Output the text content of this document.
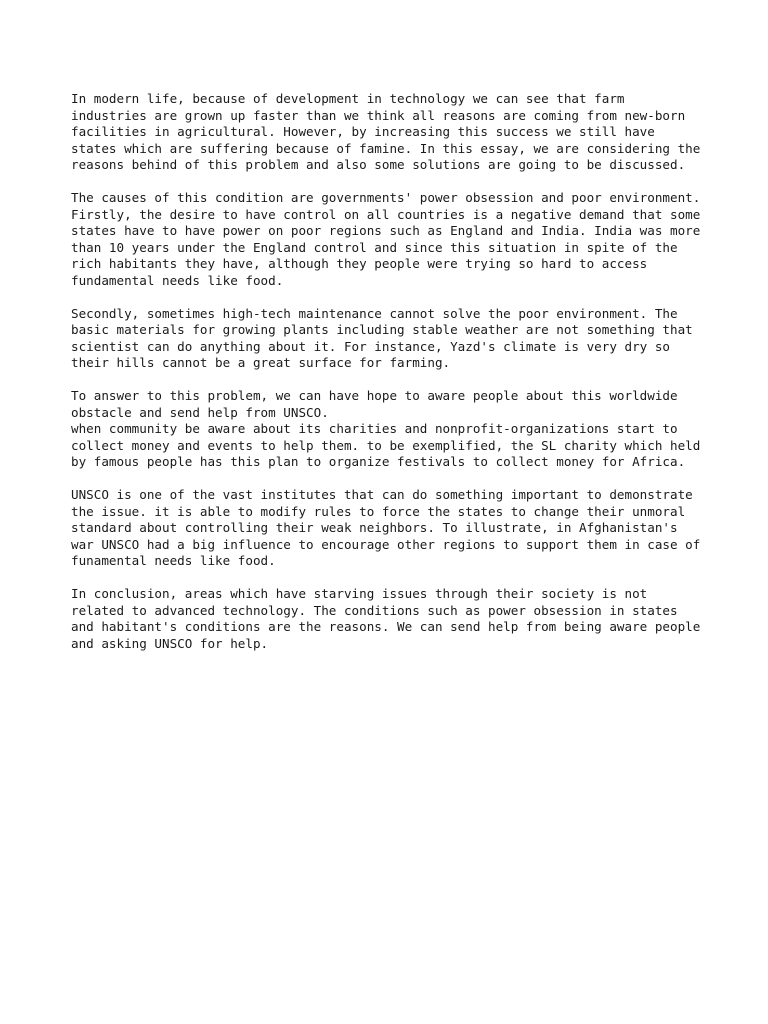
In modern life, because of development in technology we can see that farm
industries are grown up faster than we think all reasons are coming from new-born
facilities in agricultural. However, by increasing this success we still have
states which are suffering because of famine. In this essay, we are considering the
reasons behind of this problem and also some solutions are going to be discussed.
The causes of this condition are governments' power obsession and poor environment.
Firstly, the desire to have control on all countries is a negative demand that some
states have to have power on poor regions such as England and India. India was more
than 10 years under the England control and since this situation in spite of the
rich habitants they have, although they people were trying so hard to access
fundamental needs like food.
Secondly, sometimes high-tech maintenance cannot solve the poor environment. The
basic materials for growing plants including stable weather are not something that
scientist can do anything about it. For instance, Yazd's climate is very dry so
their hills cannot be a great surface for farming.
To answer to this problem, we can have hope to aware people about this worldwide
obstacle and send help from UNSCO.
when community be aware about its charities and nonprofit-organizations start to
collect money and events to help them. to be exemplified, the SL charity which held
by famous people has this plan to organize festivals to collect money for Africa.
UNSCO is one of the vast institutes that can do something important to demonstrate
the issue. it is able to modify rules to force the states to change their unmoral
standard about controlling their weak neighbors. To illustrate, in Afghanistan's
war UNSCO had a big influence to encourage other regions to support them in case of
funamental needs like food.
In conclusion, areas which have starving issues through their society is not
related to advanced technology. The conditions such as power obsession in states
and habitant's conditions are the reasons. We can send help from being aware people
and asking UNSCO for help.
